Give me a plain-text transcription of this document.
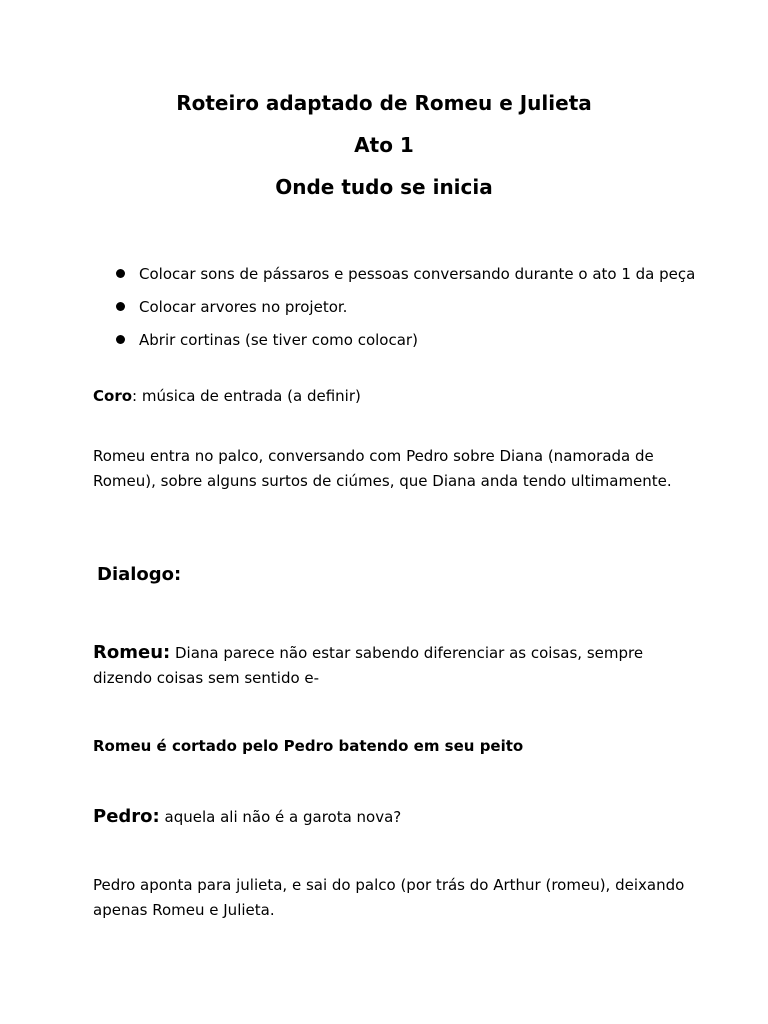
Roteiro adaptado de Romeu e Julieta
Ato 1
Onde tudo se inicia
Colocar sons de pássaros e pessoas conversando durante o ato 1 da peça
Colocar arvores no projetor.
Abrir cortinas (se tiver como colocar)

Coro: música de entrada (a definir)

Romeu entra no palco, conversando com Pedro sobre Diana (namorada de Romeu), sobre alguns surtos de ciúmes, que Diana anda tendo ultimamente.

Dialogo:

Romeu: Diana parece não estar sabendo diferenciar as coisas, sempre dizendo coisas sem sentido e-

Romeu é cortado pelo Pedro batendo em seu peito

Pedro: aquela ali não é a garota nova?

Pedro aponta para julieta, e sai do palco (por trás do Arthur (romeu), deixando apenas Romeu e Julieta.
